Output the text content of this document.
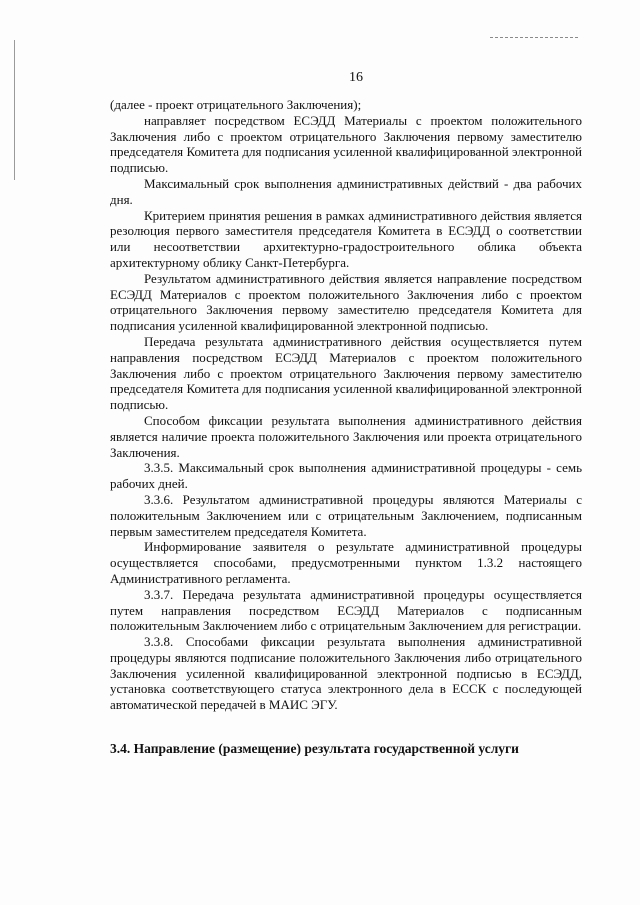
16

(далее - проект отрицательного Заключения);

направляет посредством ЕСЭДД Материалы с проектом положительного Заключения либо с проектом отрицательного Заключения первому заместителю председателя Комитета для подписания усиленной квалифицированной электронной подписью.

Максимальный срок выполнения административных действий - два рабочих дня.

Критерием принятия решения в рамках административного действия является резолюция первого заместителя председателя Комитета в ЕСЭДД о соответствии или несоответствии архитектурно-градостроительного облика объекта архитектурному облику Санкт-Петербурга.

Результатом административного действия является направление посредством ЕСЭДД Материалов с проектом положительного Заключения либо с проектом отрицательного Заключения первому заместителю председателя Комитета для подписания усиленной квалифицированной электронной подписью.

Передача результата административного действия осуществляется путем направления посредством ЕСЭДД Материалов с проектом положительного Заключения либо с проектом отрицательного Заключения первому заместителю председателя Комитета для подписания усиленной квалифицированной электронной подписью.

Способом фиксации результата выполнения административного действия является наличие проекта положительного Заключения или проекта отрицательного Заключения.

3.3.5. Максимальный срок выполнения административной процедуры - семь рабочих дней.

3.3.6. Результатом административной процедуры являются Материалы с положительным Заключением или с отрицательным Заключением, подписанным первым заместителем председателя Комитета.

Информирование заявителя о результате административной процедуры осуществляется способами, предусмотренными пунктом 1.3.2 настоящего Административного регламента.

3.3.7. Передача результата административной процедуры осуществляется путем направления посредством ЕСЭДД Материалов с подписанным положительным Заключением либо с отрицательным Заключением для регистрации.

3.3.8. Способами фиксации результата выполнения административной процедуры являются подписание положительного Заключения либо отрицательного Заключения усиленной квалифицированной электронной подписью в ЕСЭДД, установка соответствующего статуса электронного дела в ЕССК с последующей автоматической передачей в МАИС ЭГУ.

3.4. Направление (размещение) результата государственной услуги
